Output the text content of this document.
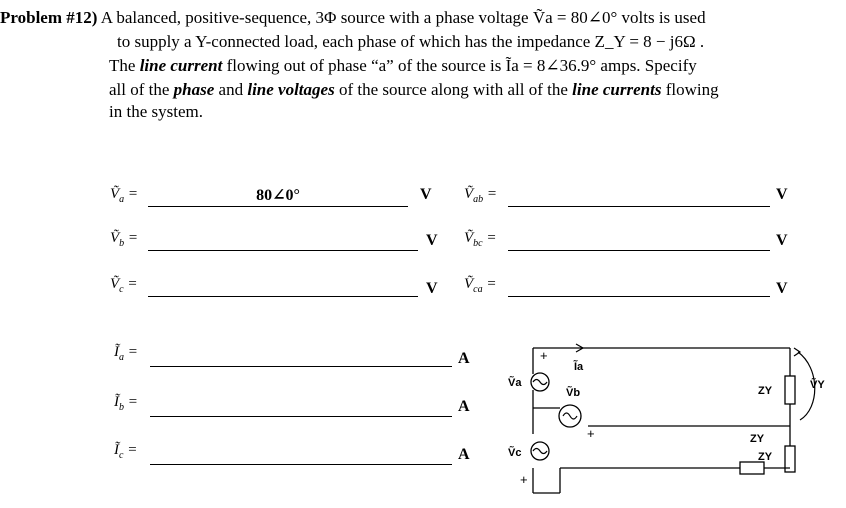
Problem #12) A balanced, positive-sequence, 3Φ source with a phase voltage Ṽa = 80∠0° volts is used

to supply a Y-connected load, each phase of which has the impedance Z_Y = 8 − j6Ω .

The line current flowing out of phase “a” of the source is Ĩa = 8∠36.9° amps. Specify

all of the phase and line voltages of the source along with all of the line currents flowing

in the system.

$Ṽ_a$ =	80∠0°	V
$Ṽ_b$ =	V
$Ṽ_c$ =	V
$Ṽ_{ab}$ =	V
$Ṽ_{bc}$ =	V
$Ṽ_{ca}$ =	V
$Ĩ_a$ =	A
$Ĩ_b$ =	A
$Ĩ_c$ =	A
Ṽa
Ṽb
Ṽc
Ĩa
ZY
ZY
ZY
ṼY
+
+
+
